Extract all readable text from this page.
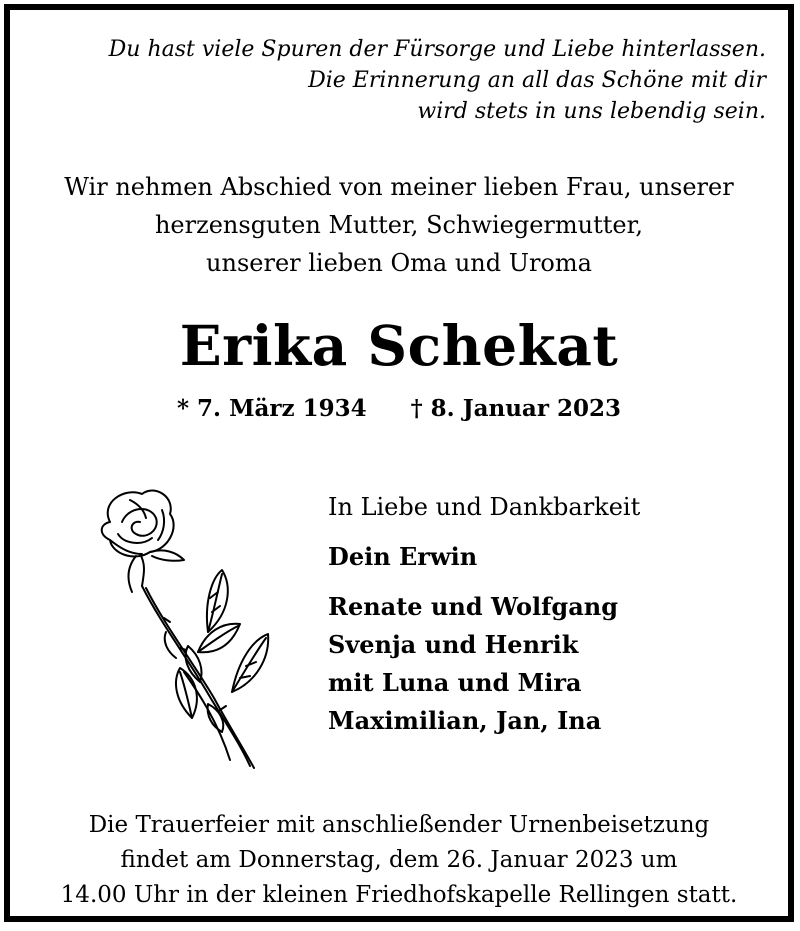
Du hast viele Spuren der Fürsorge und Liebe hinterlassen.
Die Erinnerung an all das Schöne mit dir
wird stets in uns lebendig sein.
Wir nehmen Abschied von meiner lieben Frau, unserer
herzensguten Mutter, Schwiegermutter,
unserer lieben Oma und Uroma
Erika Schekat
* 7. März 1934 † 8. Januar 2023
In Liebe und Dankbarkeit
Dein Erwin
Renate und Wolfgang
Svenja und Henrik
mit Luna und Mira
Maximilian, Jan, Ina
Die Trauerfeier mit anschließender Urnenbeisetzung
findet am Donnerstag, dem 26. Januar 2023 um
14.00 Uhr in der kleinen Friedhofskapelle Rellingen statt.
